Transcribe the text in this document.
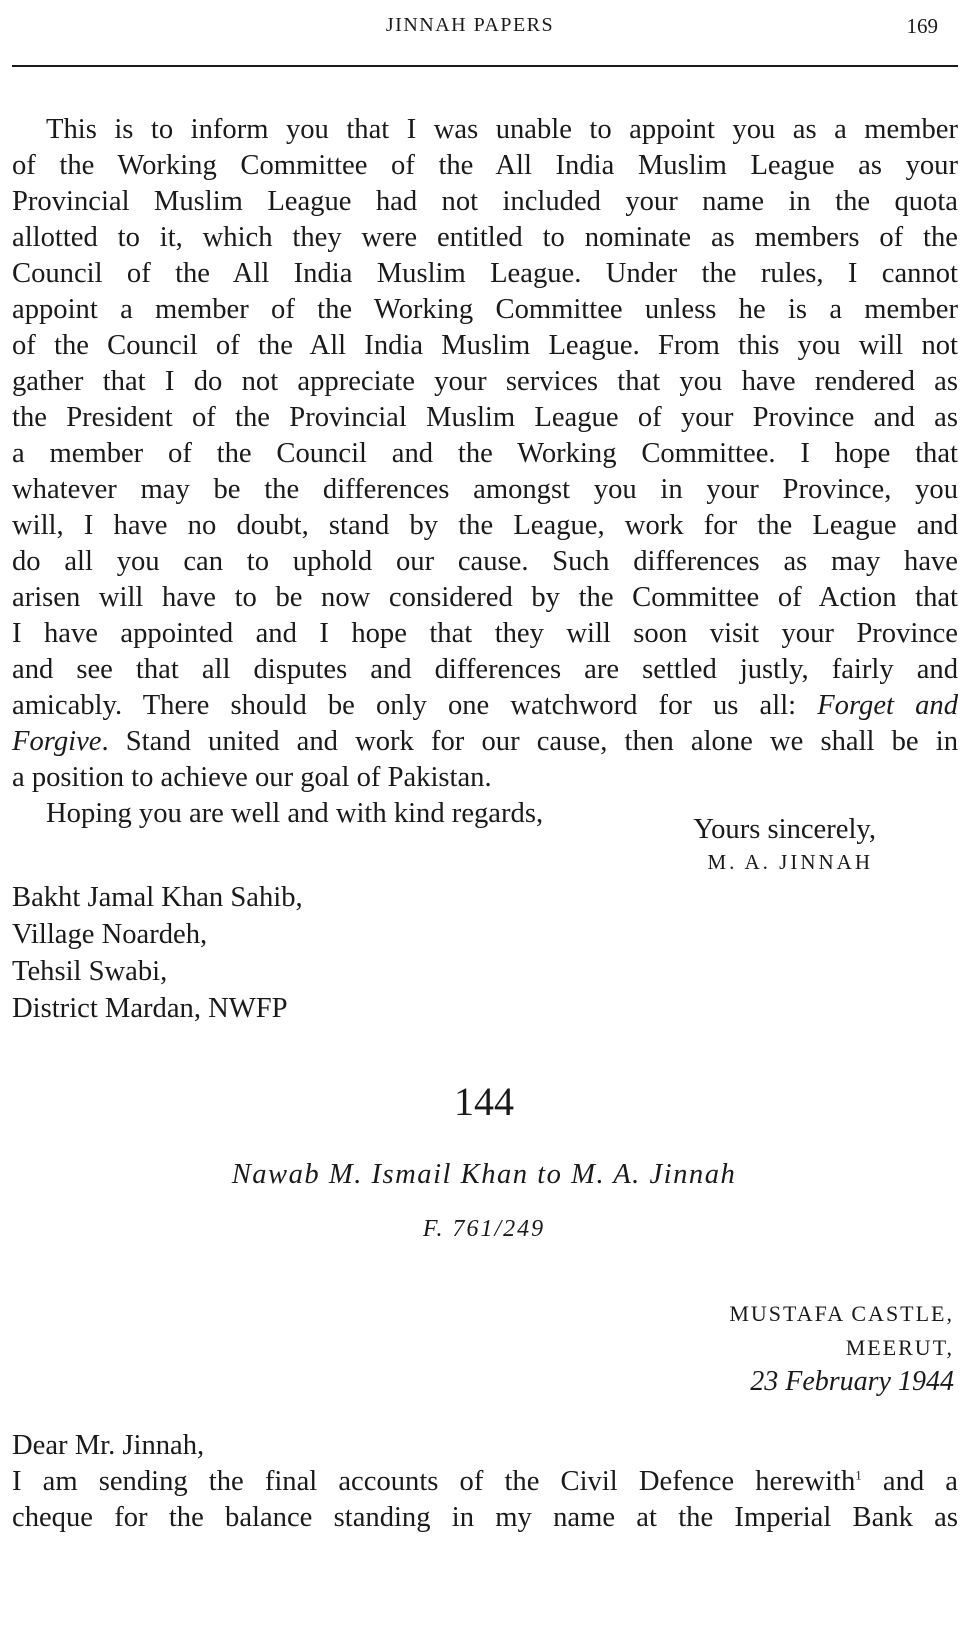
JINNAH PAPERS	169
This is to inform you that I was unable to appoint you as a member
of the Working Committee of the All India Muslim League as your
Provincial Muslim League had not included your name in the quota
allotted to it, which they were entitled to nominate as members of the
Council of the All India Muslim League. Under the rules, I cannot
appoint a member of the Working Committee unless he is a member
of the Council of the All India Muslim League. From this you will not
gather that I do not appreciate your services that you have rendered as
the President of the Provincial Muslim League of your Province and as
a member of the Council and the Working Committee. I hope that
whatever may be the differences amongst you in your Province, you
will, I have no doubt, stand by the League, work for the League and
do all you can to uphold our cause. Such differences as may have
arisen will have to be now considered by the Committee of Action that
I have appointed and I hope that they will soon visit your Province
and see that all disputes and differences are settled justly, fairly and
amicably. There should be only one watchword for us all: Forget and
Forgive. Stand united and work for our cause, then alone we shall be in
a position to achieve our goal of Pakistan.
Hoping you are well and with kind regards,
Yours sincerely,
M. A. JINNAH
Bakht Jamal Khan Sahib,
Village Noardeh,
Tehsil Swabi,
District Mardan, NWFP
144
Nawab M. Ismail Khan to M. A. Jinnah
F. 761/249
MUSTAFA CASTLE,
MEERUT,
23 February 1944
Dear Mr. Jinnah,
I am sending the final accounts of the Civil Defence herewith$^1$ and a
cheque for the balance standing in my name at the Imperial Bank as
